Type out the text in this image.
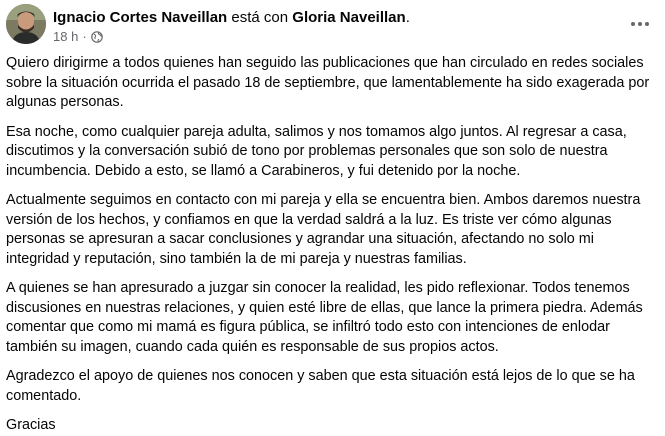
Ignacio Cortes Naveillan está con Gloria Naveillan.
18 h ·

Quiero dirigirme a todos quienes han seguido las publicaciones que han circulado en redes sociales sobre la situación ocurrida el pasado 18 de septiembre, que lamentablemente ha sido exagerada por algunas personas.

Esa noche, como cualquier pareja adulta, salimos y nos tomamos algo juntos. Al regresar a casa, discutimos y la conversación subió de tono por problemas personales que son solo de nuestra incumbencia. Debido a esto, se llamó a Carabineros, y fui detenido por la noche.

Actualmente seguimos en contacto con mi pareja y ella se encuentra bien. Ambos daremos nuestra versión de los hechos, y confiamos en que la verdad saldrá a la luz. Es triste ver cómo algunas personas se apresuran a sacar conclusiones y agrandar una situación, afectando no solo mi integridad y reputación, sino también la de mi pareja y nuestras familias.

A quienes se han apresurado a juzgar sin conocer la realidad, les pido reflexionar. Todos tenemos discusiones en nuestras relaciones, y quien esté libre de ellas, que lance la primera piedra. Además comentar que como mi mamá es figura pública, se infiltró todo esto con intenciones de enlodar también su imagen, cuando cada quién es responsable de sus propios actos.

Agradezco el apoyo de quienes nos conocen y saben que esta situación está lejos de lo que se ha comentado.

Gracias
